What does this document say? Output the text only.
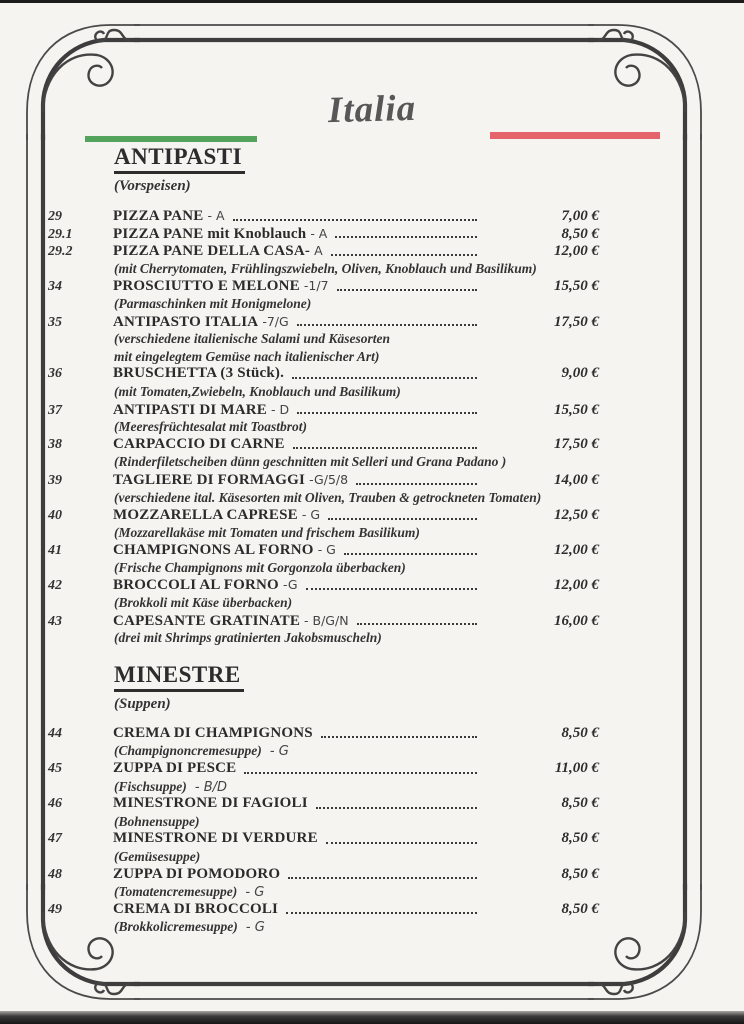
Italia
ANTIPASTI
(Vorspeisen)
29	PIZZA PANE - A	7,00 €
29.1	PIZZA PANE mit Knoblauch - A	8,50 €
29.2	PIZZA PANE DELLA CASA- A	12,00 €
(mit Cherrytomaten, Frühlingszwiebeln, Oliven, Knoblauch und Basilikum)
34	PROSCIUTTO E MELONE -1/7	15,50 €
(Parmaschinken mit Honigmelone)
35	ANTIPASTO ITALIA -7/G	17,50 €
(verschiedene italienische Salami und Käsesorten
mit eingelegtem Gemüse nach italienischer Art)
36	BRUSCHETTA (3 Stück).	9,00 €
(mit Tomaten,Zwiebeln, Knoblauch und Basilikum)
37	ANTIPASTI DI MARE - D	15,50 €
(Meeresfrüchtesalat mit Toastbrot)
38	CARPACCIO DI CARNE	17,50 €
(Rinderfiletscheiben dünn geschnitten mit Selleri und Grana Padano )
39	TAGLIERE DI FORMAGGI -G/5/8	14,00 €
(verschiedene ital. Käsesorten mit Oliven, Trauben & getrockneten Tomaten)
40	MOZZARELLA CAPRESE - G	12,50 €
(Mozzarellakäse mit Tomaten und frischem Basilikum)
41	CHAMPIGNONS AL FORNO - G	12,00 €
(Frische Champignons mit Gorgonzola überbacken)
42	BROCCOLI AL FORNO -G	12,00 €
(Brokkoli mit Käse überbacken)
43	CAPESANTE GRATINATE - B/G/N	16,00 €
(drei mit Shrimps gratinierten Jakobsmuscheln)
MINESTRE
(Suppen)
44	CREMA DI CHAMPIGNONS	8,50 €
(Champignoncremesuppe) - G
45	ZUPPA DI PESCE	11,00 €
(Fischsuppe) - B/D
46	MINESTRONE DI FAGIOLI	8,50 €
(Bohnensuppe)
47	MINESTRONE DI VERDURE	8,50 €
(Gemüsesuppe)
48	ZUPPA DI POMODORO	8,50 €
(Tomatencremesuppe) - G
49	CREMA DI BROCCOLI	8,50 €
(Brokkolicremesuppe) - G
